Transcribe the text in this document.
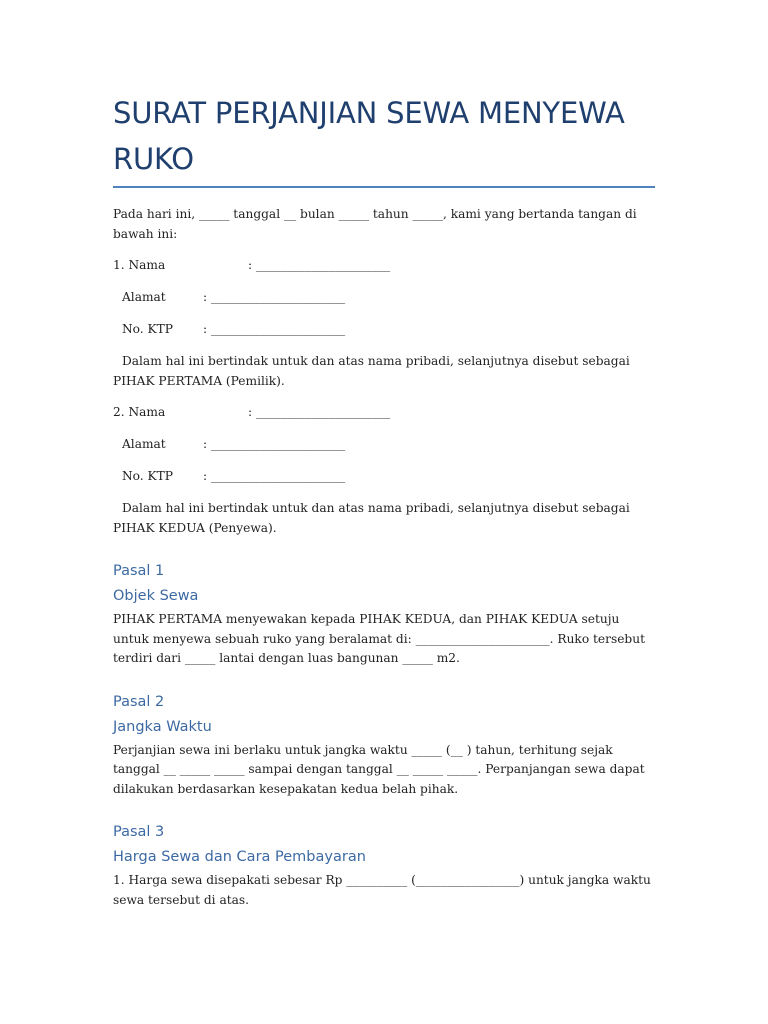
SURAT PERJANJIAN SEWA MENYEWA RUKO

Pada hari ini, _____ tanggal __ bulan _____ tahun _____, kami yang bertanda tangan di bawah ini:

1. Nama	: ______________________
Alamat	: ______________________
No. KTP : ______________________

Dalam hal ini bertindak untuk dan atas nama pribadi, selanjutnya disebut sebagai PIHAK PERTAMA (Pemilik).

2. Nama	: ______________________
Alamat	: ______________________
No. KTP : ______________________

Dalam hal ini bertindak untuk dan atas nama pribadi, selanjutnya disebut sebagai PIHAK KEDUA (Penyewa).

Pasal 1
Objek Sewa

PIHAK PERTAMA menyewakan kepada PIHAK KEDUA, dan PIHAK KEDUA setuju untuk menyewa sebuah ruko yang beralamat di: ______________________. Ruko tersebut terdiri dari _____ lantai dengan luas bangunan _____ m2.

Pasal 2
Jangka Waktu

Perjanjian sewa ini berlaku untuk jangka waktu _____ (__ ) tahun, terhitung sejak tanggal __ _____ _____ sampai dengan tanggal __ _____ _____. Perpanjangan sewa dapat dilakukan berdasarkan kesepakatan kedua belah pihak.

Pasal 3
Harga Sewa dan Cara Pembayaran

1. Harga sewa disepakati sebesar Rp __________ (_________________) untuk jangka waktu sewa tersebut di atas.
